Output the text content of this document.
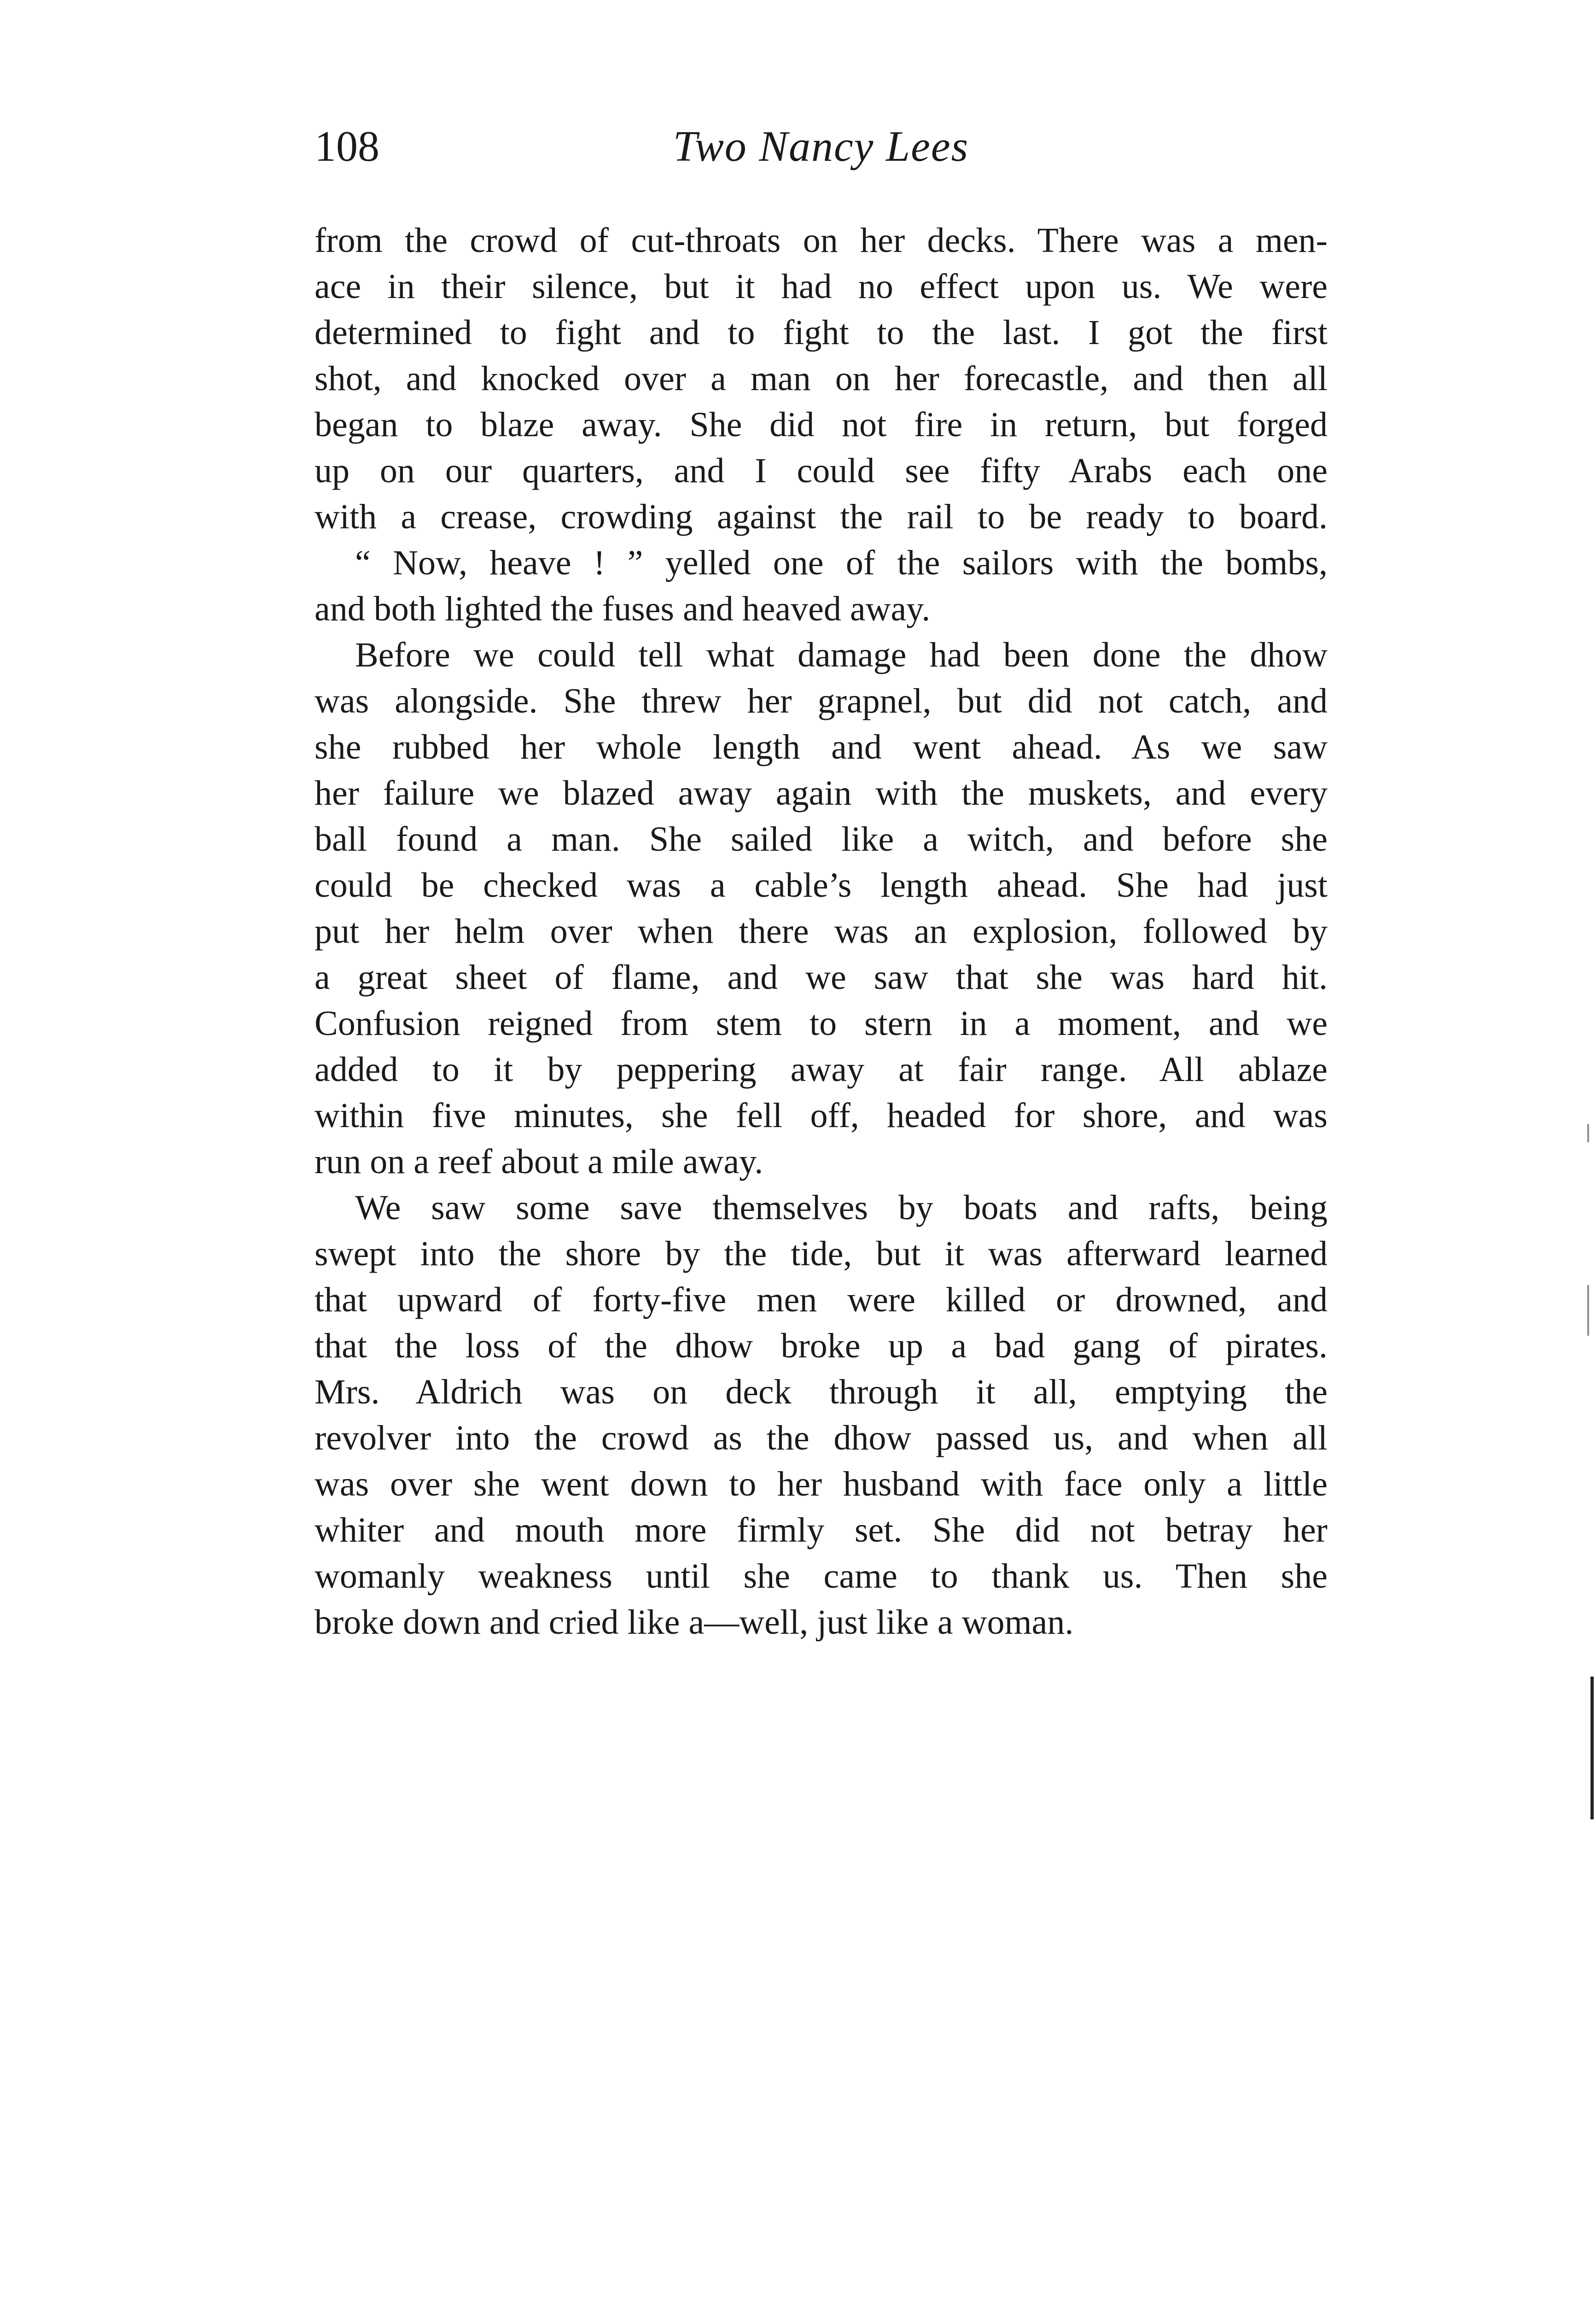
108	Two Nancy Lees
from the crowd of cut-throats on her decks. There was a men-
ace in their silence, but it had no effect upon us. We were
determined to fight and to fight to the last. I got the first
shot, and knocked over a man on her forecastle, and then all
began to blaze away. She did not fire in return, but forged
up on our quarters, and I could see fifty Arabs each one
with a crease, crowding against the rail to be ready to board.
“ Now, heave ! ” yelled one of the sailors with the bombs,
and both lighted the fuses and heaved away.
Before we could tell what damage had been done the dhow
was alongside. She threw her grapnel, but did not catch, and
she rubbed her whole length and went ahead. As we saw
her failure we blazed away again with the muskets, and every
ball found a man. She sailed like a witch, and before she
could be checked was a cable’s length ahead. She had just
put her helm over when there was an explosion, followed by
a great sheet of flame, and we saw that she was hard hit.
Confusion reigned from stem to stern in a moment, and we
added to it by peppering away at fair range. All ablaze
within five minutes, she fell off, headed for shore, and was
run on a reef about a mile away.
We saw some save themselves by boats and rafts, being
swept into the shore by the tide, but it was afterward learned
that upward of forty-five men were killed or drowned, and
that the loss of the dhow broke up a bad gang of pirates.
Mrs. Aldrich was on deck through it all, emptying the
revolver into the crowd as the dhow passed us, and when all
was over she went down to her husband with face only a little
whiter and mouth more firmly set. She did not betray her
womanly weakness until she came to thank us. Then she
broke down and cried like a—well, just like a woman.
